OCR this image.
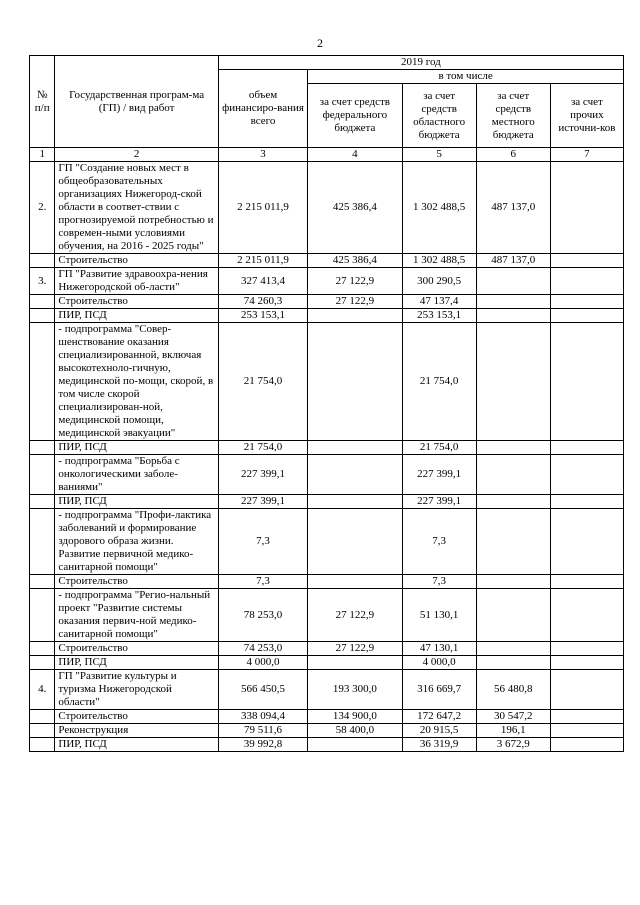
2
№ п/п	Государственная програм-ма (ГП) / вид работ	2019 год				
		объем финансиро-вания всего	в том числе			
			за счет средств федерального бюджета	за счет средств областного бюджета	за счет средств местного бюджета	за счет прочих источни-ков
1	2	3	4	5	6	7
2.	ГП "Создание новых мест в общеобразовательных организациях Нижегород-ской области в соответ-ствии с прогнозируемой потребностью и современ-ными условиями обучения, на 2016 - 2025 годы"	2 215 011,9	425 386,4	1 302 488,5	487 137,0	
	Строительство	2 215 011,9	425 386,4	1 302 488,5	487 137,0	
3.	ГП "Развитие здравоохра-нения Нижегородской об-ласти"	327 413,4	27 122,9	300 290,5		
	Строительство	74 260,3	27 122,9	47 137,4		
	ПИР, ПСД	253 153,1		253 153,1		
	- подпрограмма "Совер-шенствование оказания специализированной, включая высокотехноло-гичную, медицинской по-мощи, скорой, в том числе скорой специализирован-ной, медицинской помощи, медицинской эвакуации"	21 754,0		21 754,0		
	ПИР, ПСД	21 754,0		21 754,0		
	- подпрограмма "Борьба с онкологическими заболе-ваниями"	227 399,1		227 399,1		
	ПИР, ПСД	227 399,1		227 399,1		
	- подпрограмма "Профи-лактика заболеваний и формирование здорового образа жизни. Развитие первичной медико-санитарной помощи"	7,3		7,3		
	Строительство	7,3		7,3		
	- подпрограмма "Регио-нальный проект "Развитие системы оказания первич-ной медико-санитарной помощи"	78 253,0	27 122,9	51 130,1		
	Строительство	74 253,0	27 122,9	47 130,1		
	ПИР, ПСД	4 000,0		4 000,0		
4.	ГП "Развитие культуры и туризма Нижегородской области"	566 450,5	193 300,0	316 669,7	56 480,8	
	Строительство	338 094,4	134 900,0	172 647,2	30 547,2	
	Реконструкция	79 511,6	58 400,0	20 915,5	196,1	
	ПИР, ПСД	39 992,8		36 319,9	3 672,9	
